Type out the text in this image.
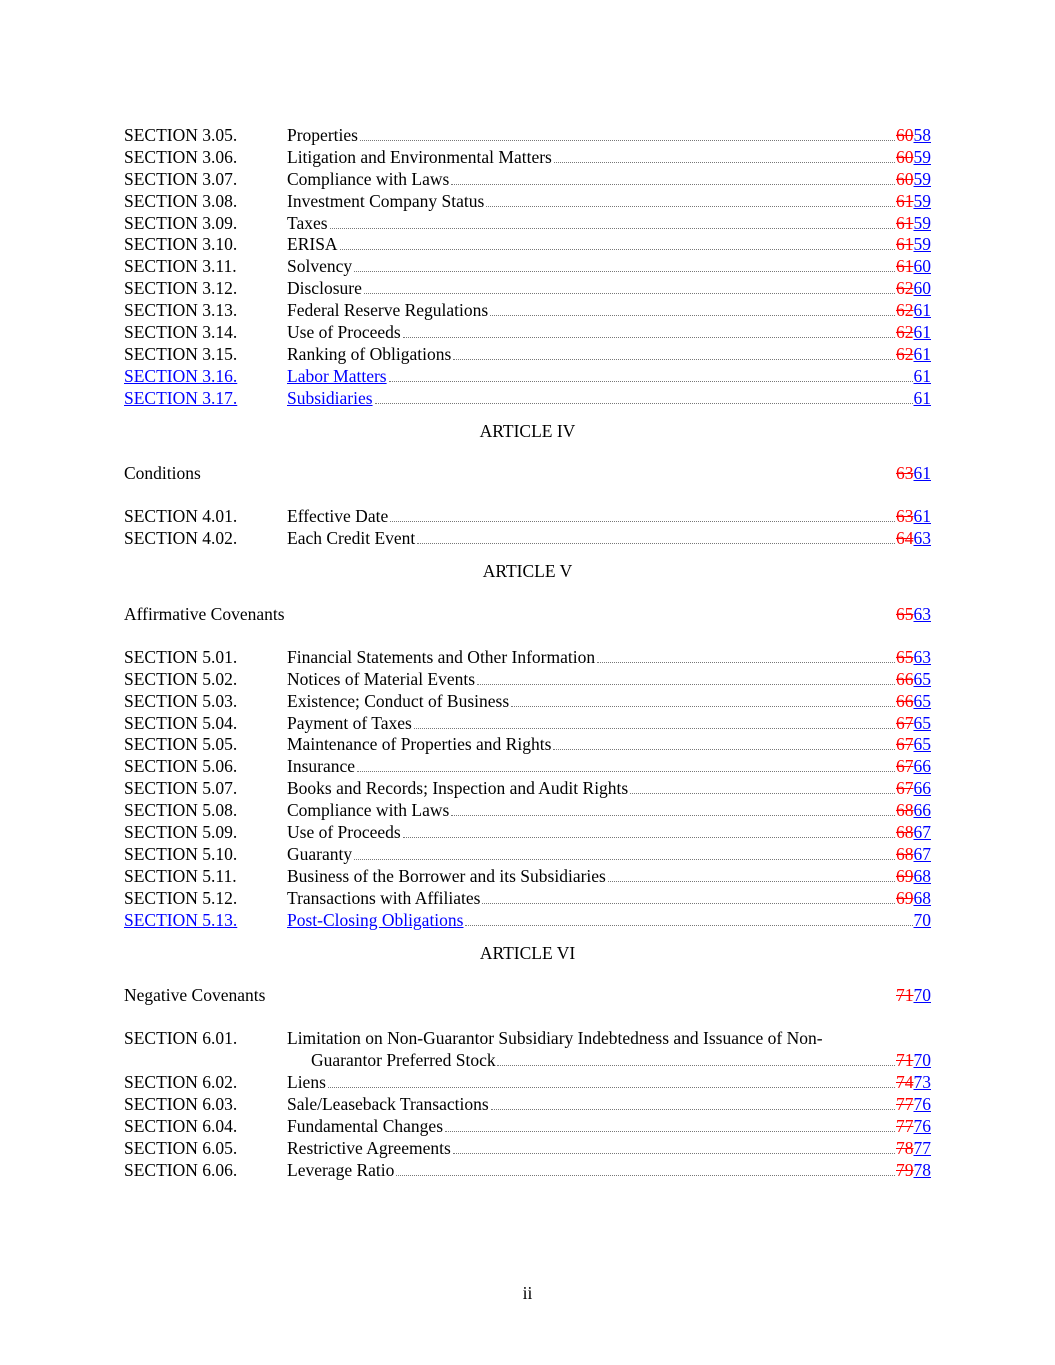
SECTION 3.05.	Properties	6058
SECTION 3.06.	Litigation and Environmental Matters	6059
SECTION 3.07.	Compliance with Laws	6059
SECTION 3.08.	Investment Company Status	6159
SECTION 3.09.	Taxes	6159
SECTION 3.10.	ERISA	6159
SECTION 3.11.	Solvency	6160
SECTION 3.12.	Disclosure	6260
SECTION 3.13.	Federal Reserve Regulations	6261
SECTION 3.14.	Use of Proceeds	6261
SECTION 3.15.	Ranking of Obligations	6261
SECTION 3.16.	Labor Matters	61
SECTION 3.17.	Subsidiaries	61
ARTICLE IV
Conditions	6361
SECTION 4.01.	Effective Date	6361
SECTION 4.02.	Each Credit Event	6463
ARTICLE V
Affirmative Covenants	6563
SECTION 5.01.	Financial Statements and Other Information	6563
SECTION 5.02.	Notices of Material Events	6665
SECTION 5.03.	Existence; Conduct of Business	6665
SECTION 5.04.	Payment of Taxes	6765
SECTION 5.05.	Maintenance of Properties and Rights	6765
SECTION 5.06.	Insurance	6766
SECTION 5.07.	Books and Records; Inspection and Audit Rights	6766
SECTION 5.08.	Compliance with Laws	6866
SECTION 5.09.	Use of Proceeds	6867
SECTION 5.10.	Guaranty	6867
SECTION 5.11.	Business of the Borrower and its Subsidiaries	6968
SECTION 5.12.	Transactions with Affiliates	6968
SECTION 5.13.	Post-Closing Obligations	70
ARTICLE VI
Negative Covenants	7170
SECTION 6.01.	Limitation on Non-Guarantor Subsidiary Indebtedness and Issuance of Non-
Guarantor Preferred Stock	7170
SECTION 6.02.	Liens	7473
SECTION 6.03.	Sale/Leaseback Transactions	7776
SECTION 6.04.	Fundamental Changes	7776
SECTION 6.05.	Restrictive Agreements	7877
SECTION 6.06.	Leverage Ratio	7978
ii
